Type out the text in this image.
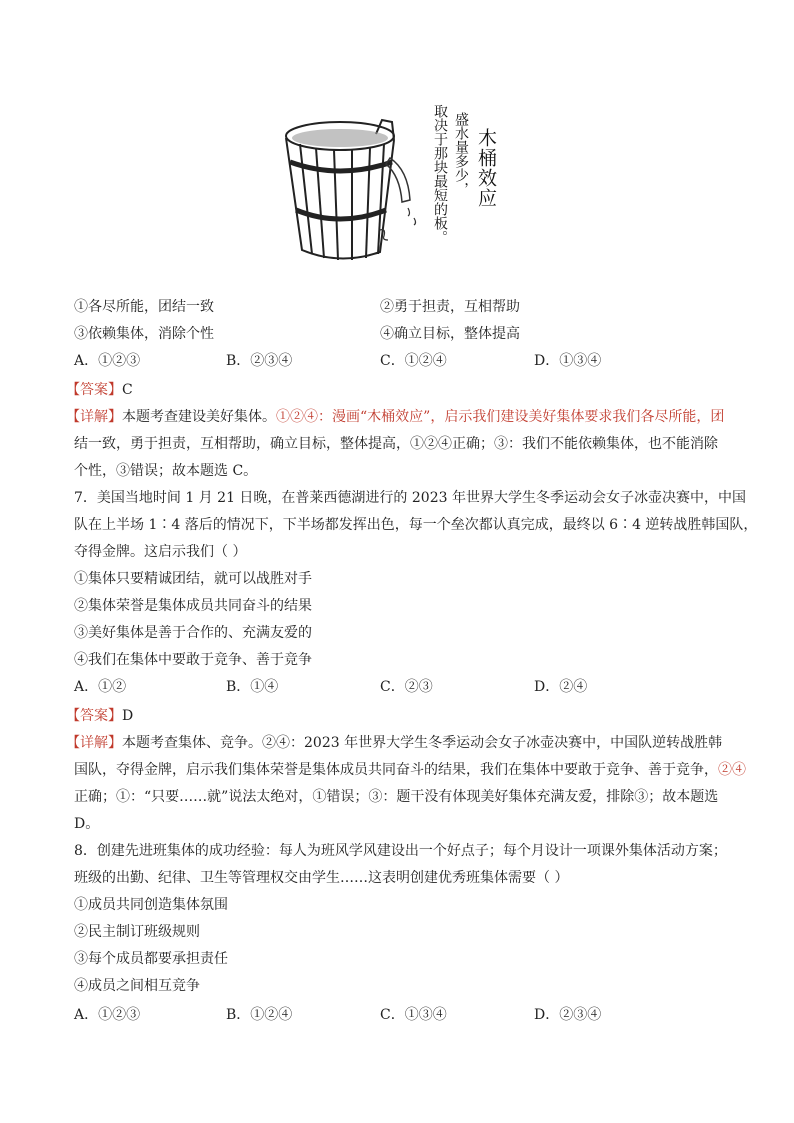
木桶效应
盛水量多少，
取决于那块最短的板。
①各尽所能，团结一致	②勇于担责，互相帮助
③依赖集体，消除个性	④确立目标，整体提高
A．①②③	B．②③④	C．①②④	D．①③④
【答案】C
【详解】本题考查建设美好集体。①②④：漫画“木桶效应”，启示我们建设美好集体要求我们各尽所能，团
结一致，勇于担责，互相帮助，确立目标，整体提高，①②④正确；③：我们不能依赖集体，也不能消除
个性，③错误；故本题选 C。
7．美国当地时间 1 月 21 日晚，在普莱西德湖进行的 2023 年世界大学生冬季运动会女子冰壶决赛中，中国
队在上半场 1∶4 落后的情况下，下半场都发挥出色，每一个垒次都认真完成，最终以 6∶4 逆转战胜韩国队，
夺得金牌。这启示我们（ ）
①集体只要精诚团结，就可以战胜对手
②集体荣誉是集体成员共同奋斗的结果
③美好集体是善于合作的、充满友爱的
④我们在集体中要敢于竞争、善于竞争
A．①②	B．①④	C．②③	D．②④
【答案】D
【详解】本题考查集体、竞争。②④：2023 年世界大学生冬季运动会女子冰壶决赛中，中国队逆转战胜韩
国队，夺得金牌，启示我们集体荣誉是集体成员共同奋斗的结果，我们在集体中要敢于竞争、善于竞争，②④
正确；①：“只要……就”说法太绝对，①错误；③：题干没有体现美好集体充满友爱，排除③；故本题选
D。
8．创建先进班集体的成功经验：每人为班风学风建设出一个好点子；每个月设计一项课外集体活动方案；
班级的出勤、纪律、卫生等管理权交由学生……这表明创建优秀班集体需要（ ）
①成员共同创造集体氛围
②民主制订班级规则
③每个成员都要承担责任
④成员之间相互竞争
A．①②③	B．①②④	C．①③④	D．②③④
